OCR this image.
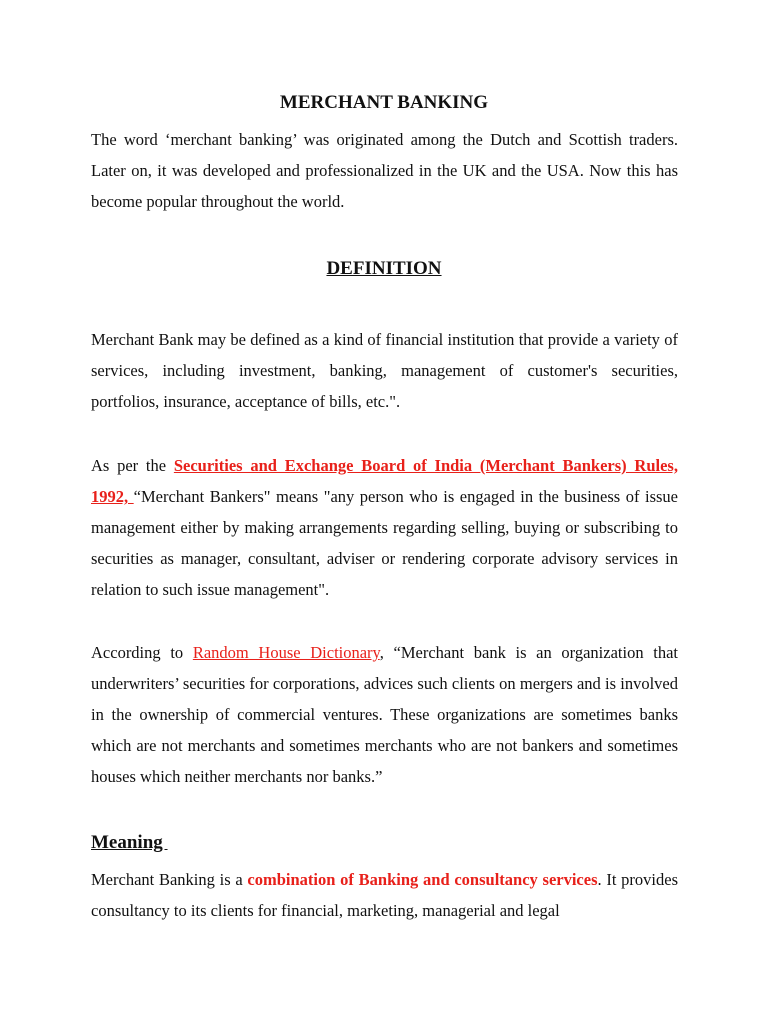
MERCHANT BANKING

The word ‘merchant banking’ was originated among the Dutch and Scottish traders. Later on, it was developed and professionalized in the UK and the USA. Now this has become popular throughout the world.

DEFINITION

Merchant Bank may be defined as a kind of financial institution that provide a variety of services, including investment, banking, management of customer's securities, portfolios, insurance, acceptance of bills, etc.".

As per the Securities and Exchange Board of India (Merchant Bankers) Rules, 1992, “Merchant Bankers" means "any person who is engaged in the business of issue management either by making arrangements regarding selling, buying or subscribing to securities as manager, consultant, adviser or rendering corporate advisory services in relation to such issue management".

According to Random House Dictionary, “Merchant bank is an organization that underwriters’ securities for corporations, advices such clients on mergers and is involved in the ownership of commercial ventures. These organizations are sometimes banks which are not merchants and sometimes merchants who are not bankers and sometimes houses which neither merchants nor banks.”

Meaning

Merchant Banking is a combination of Banking and consultancy services. It provides consultancy to its clients for financial, marketing, managerial and legal
